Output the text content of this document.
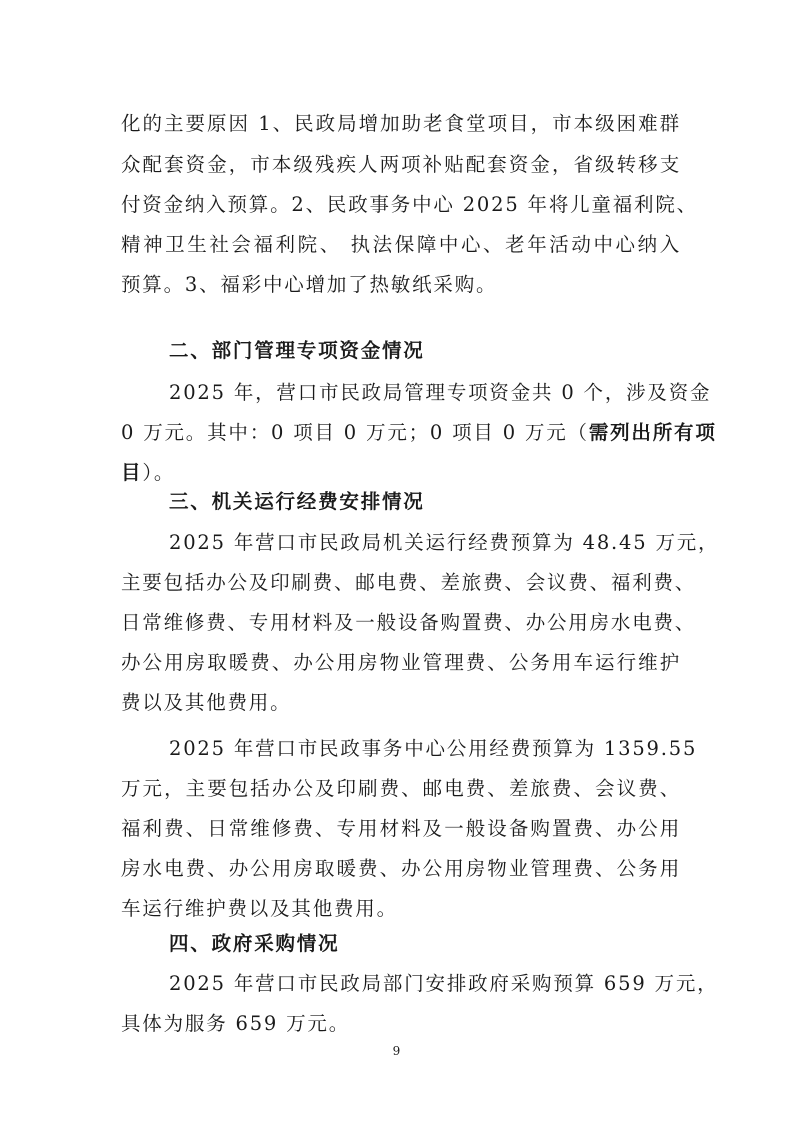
化的主要原因 1、民政局增加助老食堂项目，市本级困难群
众配套资金，市本级残疾人两项补贴配套资金，省级转移支
付资金纳入预算。2、民政事务中心 2025 年将儿童福利院、
精神卫生社会福利院、 执法保障中心、老年活动中心纳入
预算。3、福彩中心增加了热敏纸采购。
二、部门管理专项资金情况
2025 年，营口市民政局管理专项资金共 0 个，涉及资金
0 万元。其中：0 项目 0 万元；0 项目 0 万元（需列出所有项
目）。
三、机关运行经费安排情况
2025 年营口市民政局机关运行经费预算为 48.45 万元，
主要包括办公及印刷费、邮电费、差旅费、会议费、福利费、
日常维修费、专用材料及一般设备购置费、办公用房水电费、
办公用房取暖费、办公用房物业管理费、公务用车运行维护
费以及其他费用。
2025 年营口市民政事务中心公用经费预算为 1359.55
万元，主要包括办公及印刷费、邮电费、差旅费、会议费、
福利费、日常维修费、专用材料及一般设备购置费、办公用
房水电费、办公用房取暖费、办公用房物业管理费、公务用
车运行维护费以及其他费用。
四、政府采购情况
2025 年营口市民政局部门安排政府采购预算 659 万元，
具体为服务 659 万元。
9
